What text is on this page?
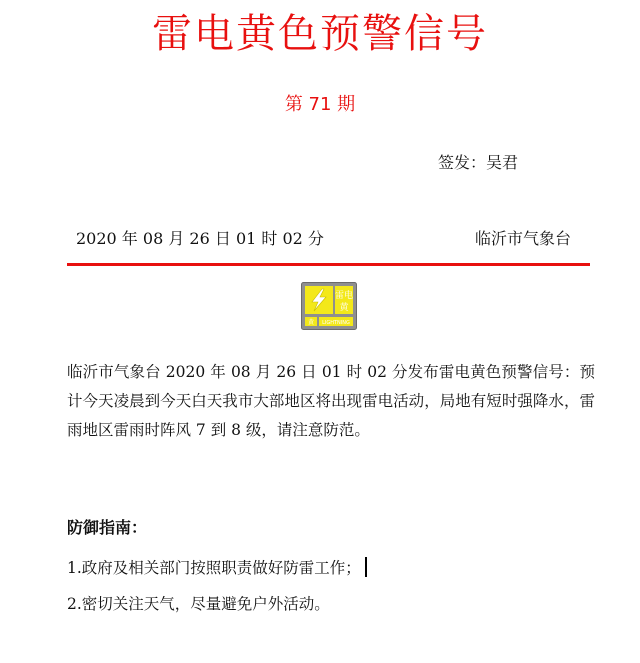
雷电黄色预警信号
第 71 期
签发：吴君
2020 年 08 月 26 日 01 时 02 分	临沂市气象台
雷电
黄
黄 LIGHTNING

临沂市气象台 2020 年 08 月 26 日 01 时 02 分发布雷电黄色预警信号：预计今天凌晨到今天白天我市大部地区将出现雷电活动，局地有短时强降水，雷雨地区雷雨时阵风 7 到 8 级，请注意防范。

防御指南：
1.政府及相关部门按照职责做好防雷工作；
2.密切关注天气，尽量避免户外活动。
